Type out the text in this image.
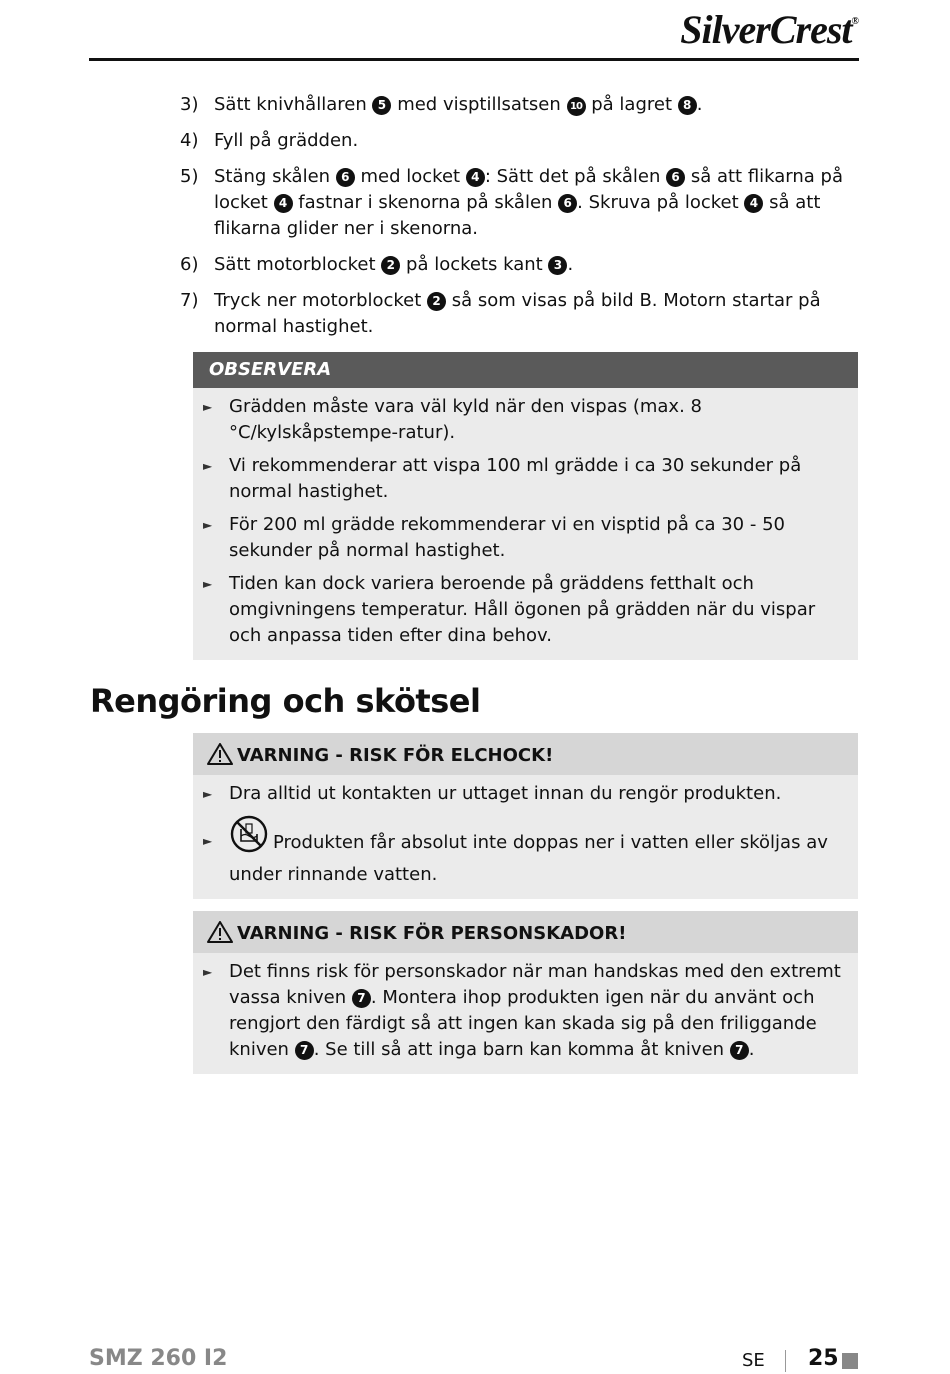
SilverCrest®
3) Sätt knivhållaren 5 med visptillsatsen 10 på lagret 8 .
4) Fyll på grädden.
5) Stäng skålen 6 med locket 4 : Sätt det på skålen 6 så att flikarna på locket 4 fastnar i skenorna på skålen 6 . Skruva på locket 4 så att flikarna glider ner i skenorna.
6) Sätt motorblocket 2 på lockets kant 3 .
7) Tryck ner motorblocket 2 så som visas på bild B. Motorn startar på normal hastighet.
OBSERVERA
► Grädden måste vara väl kyld när den vispas (max. 8 °C/kylskåpstempe-ratur).
► Vi rekommenderar att vispa 100 ml grädde i ca 30 sekunder på normal hastighet.
► För 200 ml grädde rekommenderar vi en visptid på ca 30 - 50 sekunder på normal hastighet.
► Tiden kan dock variera beroende på gräddens fetthalt och omgivningens temperatur. Håll ögonen på grädden när du vispar och anpassa tiden efter dina behov.
Rengöring och skötsel
VARNING - RISK FÖR ELCHOCK!
► Dra alltid ut kontakten ur uttaget innan du rengör produkten.
►	Produkten får absolut inte doppas ner i vatten eller sköljas av under rinnande vatten.
VARNING - RISK FÖR PERSONSKADOR!
► Det finns risk för personskador när man handskas med den extremt vassa kniven 7 . Montera ihop produkten igen när du använt och rengjort den färdigt så att ingen kan skada sig på den friliggande kniven 7 . Se till så att inga barn kan komma åt kniven 7 .
SMZ 260 I2	SE 25
